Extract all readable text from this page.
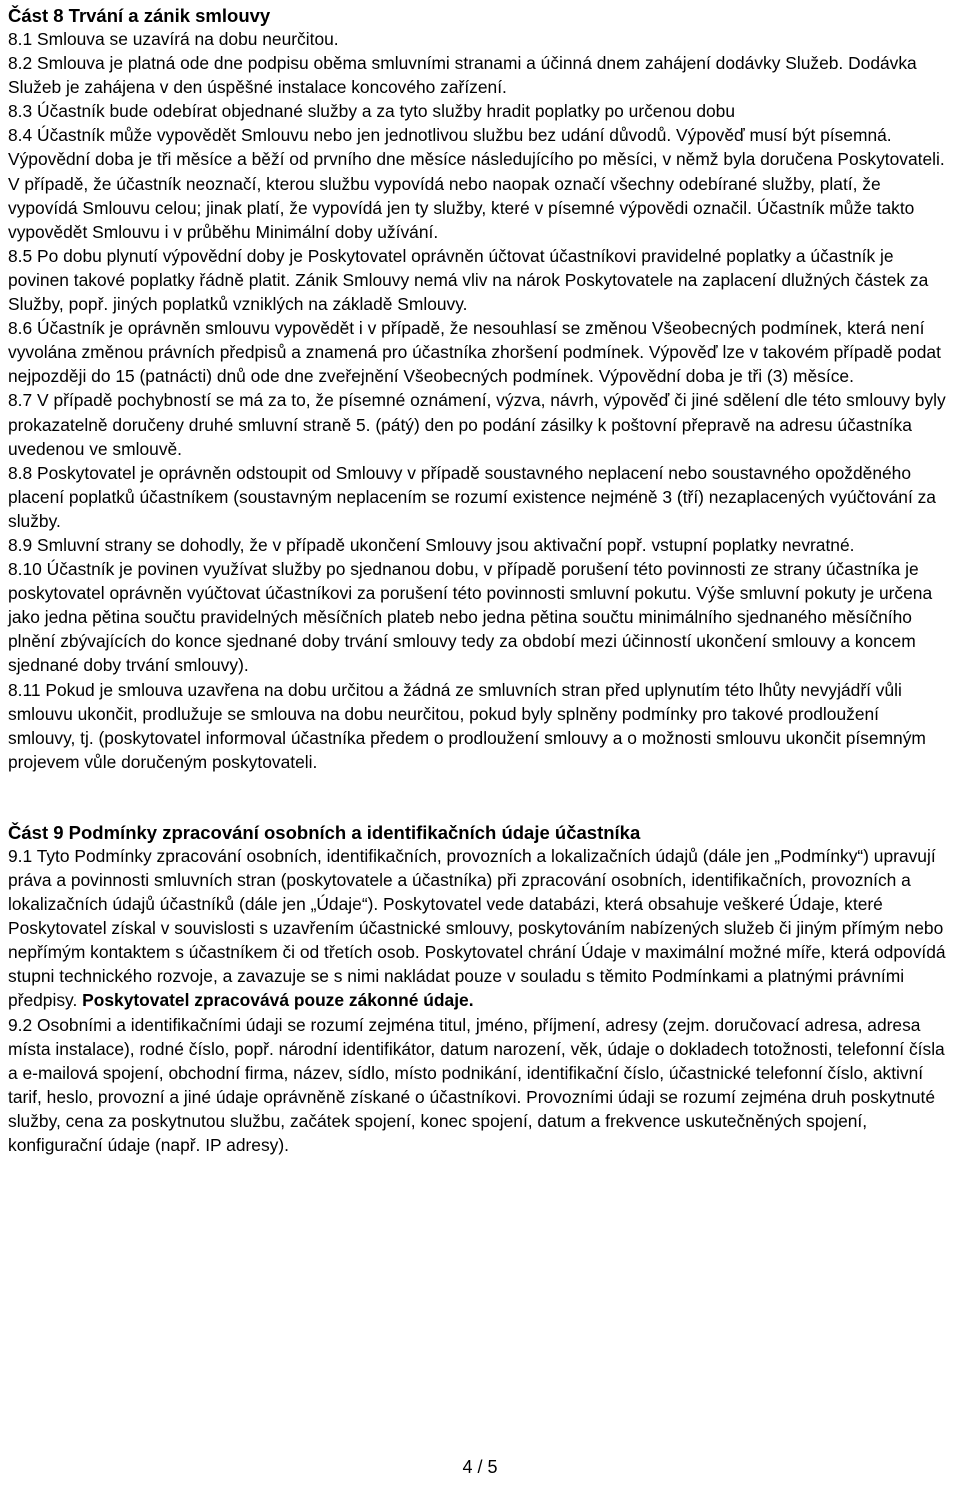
Část 8 Trvání a zánik smlouvy

8.1 Smlouva se uzavírá na dobu neurčitou.

8.2 Smlouva je platná ode dne podpisu oběma smluvními stranami a účinná dnem zahájení dodávky Služeb. Dodávka Služeb je zahájena v den úspěšné instalace koncového zařízení.

8.3 Účastník bude odebírat objednané služby a za tyto služby hradit poplatky po určenou dobu

8.4 Účastník může vypovědět Smlouvu nebo jen jednotlivou službu bez udání důvodů. Výpověď musí být písemná. Výpovědní doba je tři měsíce a běží od prvního dne měsíce následujícího po měsíci, v němž byla doručena Poskytovateli. V případě, že účastník neoznačí, kterou službu vypovídá nebo naopak označí všechny odebírané služby, platí, že vypovídá Smlouvu celou; jinak platí, že vypovídá jen ty služby, které v písemné výpovědi označil. Účastník může takto vypovědět Smlouvu i v průběhu Minimální doby užívání.

8.5 Po dobu plynutí výpovědní doby je Poskytovatel oprávněn účtovat účastníkovi pravidelné poplatky a účastník je povinen takové poplatky řádně platit. Zánik Smlouvy nemá vliv na nárok Poskytovatele na zaplacení dlužných částek za Služby, popř. jiných poplatků vzniklých na základě Smlouvy.

8.6 Účastník je oprávněn smlouvu vypovědět i v případě, že nesouhlasí se změnou Všeobecných podmínek, která není vyvolána změnou právních předpisů a znamená pro účastníka zhoršení podmínek. Výpověď lze v takovém případě podat nejpozději do 15 (patnácti) dnů ode dne zveřejnění Všeobecných podmínek. Výpovědní doba je tři (3) měsíce.

8.7 V případě pochybností se má za to, že písemné oznámení, výzva, návrh, výpověď či jiné sdělení dle této smlouvy byly prokazatelně doručeny druhé smluvní straně 5. (pátý) den po podání zásilky k poštovní přepravě na adresu účastníka uvedenou ve smlouvě.

8.8 Poskytovatel je oprávněn odstoupit od Smlouvy v případě soustavného neplacení nebo soustavného opožděného placení poplatků účastníkem (soustavným neplacením se rozumí existence nejméně 3 (tří) nezaplacených vyúčtování za služby.

8.9 Smluvní strany se dohodly, že v případě ukončení Smlouvy jsou aktivační popř. vstupní poplatky nevratné.

8.10 Účastník je povinen využívat služby po sjednanou dobu, v případě porušení této povinnosti ze strany účastníka je poskytovatel oprávněn vyúčtovat účastníkovi za porušení této povinnosti smluvní pokutu. Výše smluvní pokuty je určena jako jedna pětina součtu pravidelných měsíčních plateb nebo jedna pětina součtu minimálního sjednaného měsíčního plnění zbývajících do konce sjednané doby trvání smlouvy tedy za období mezi účinností ukončení smlouvy a koncem sjednané doby trvání smlouvy).

8.11 Pokud je smlouva uzavřena na dobu určitou a žádná ze smluvních stran před uplynutím této lhůty nevyjádří vůli smlouvu ukončit, prodlužuje se smlouva na dobu neurčitou, pokud byly splněny podmínky pro takové prodloužení smlouvy, tj. (poskytovatel informoval účastníka předem o prodloužení smlouvy a o možnosti smlouvu ukončit písemným projevem vůle doručeným poskytovateli.

Část 9 Podmínky zpracování osobních a identifikačních údaje účastníka

9.1 Tyto Podmínky zpracování osobních, identifikačních, provozních a lokalizačních údajů (dále jen „Podmínky“) upravují práva a povinnosti smluvních stran (poskytovatele a účastníka) při zpracování osobních, identifikačních, provozních a lokalizačních údajů účastníků (dále jen „Údaje“). Poskytovatel vede databázi, která obsahuje veškeré Údaje, které Poskytovatel získal v souvislosti s uzavřením účastnické smlouvy, poskytováním nabízených služeb či jiným přímým nebo nepřímým kontaktem s účastníkem či od třetích osob. Poskytovatel chrání Údaje v maximální možné míře, která odpovídá stupni technického rozvoje, a zavazuje se s nimi nakládat pouze v souladu s těmito Podmínkami a platnými právními předpisy. Poskytovatel zpracovává pouze zákonné údaje.

9.2 Osobními a identifikačními údaji se rozumí zejména titul, jméno, příjmení, adresy (zejm. doručovací adresa, adresa místa instalace), rodné číslo, popř. národní identifikátor, datum narození, věk, údaje o dokladech totožnosti, telefonní čísla a e-mailová spojení, obchodní firma, název, sídlo, místo podnikání, identifikační číslo, účastnické telefonní číslo, aktivní tarif, heslo, provozní a jiné údaje oprávněně získané o účastníkovi. Provozními údaji se rozumí zejména druh poskytnuté služby, cena za poskytnutou službu, začátek spojení, konec spojení, datum a frekvence uskutečněných spojení, konfigurační údaje (např. IP adresy).

4 / 5
